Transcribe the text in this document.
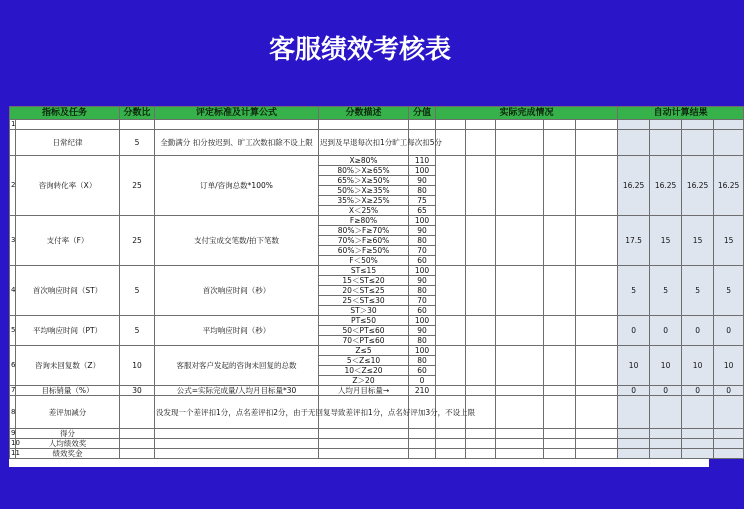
客服绩效考核表
指标及任务		分数比	评定标准及计算公式	分数描述	分值	实际完成情况					自动计算结果			
1														
	日常纪律	5	全勤满分 扣分按迟到、旷工次数扣除不设上限	迟到及早退每次扣1分旷工每次扣5分										
2	咨询转化率（X）	25	订单/咨询总数*100%	X≥80%	110						16.25	16.25	16.25	16.25
				80%＞X≥65%	100									
				65%＞X≥50%	90									
				50%＞X≥35%	80									
				35%＞X≥25%	75									
				X＜25%	65									
3	支付率（F）	25	支付宝成交笔数/拍下笔数	F≥80%	100						17.5	15	15	15
				80%＞F≥70%	90									
				70%＞F≥60%	80									
				60%＞F≥50%	70									
				F＜50%	60									
4	首次响应时间（ST）	5	首次响应时间（秒）	ST≤15	100						5	5	5	5
				15＜ST≤20	90									
				20＜ST≤25	80									
				25＜ST≤30	70									
				ST＞30	60									
5	平均响应时间（PT）	5	平均响应时间（秒）	PT≤50	100						0	0	0	0
				50＜PT≤60	90									
				70＜PT≤60	80									
6	咨询未回复数（Z）	10	客服对客户发起的咨询未回复的总数	Z≤5	100						10	10	10	10
				5＜Z≤10	80									
				10＜Z≤20	60									
				Z＞20	0									
7	目标销量（%）	30	公式=实际完成量/人均月目标量*30	人均月目标量→	210						0	0	0	0
8	差评加减分		没发现一个差评扣1分，点名差评扣2分，由于无回复导致差评扣1分，点名好评加3分，不设上限											
9	得分													
10	人均绩效奖													
11	绩效奖金													
